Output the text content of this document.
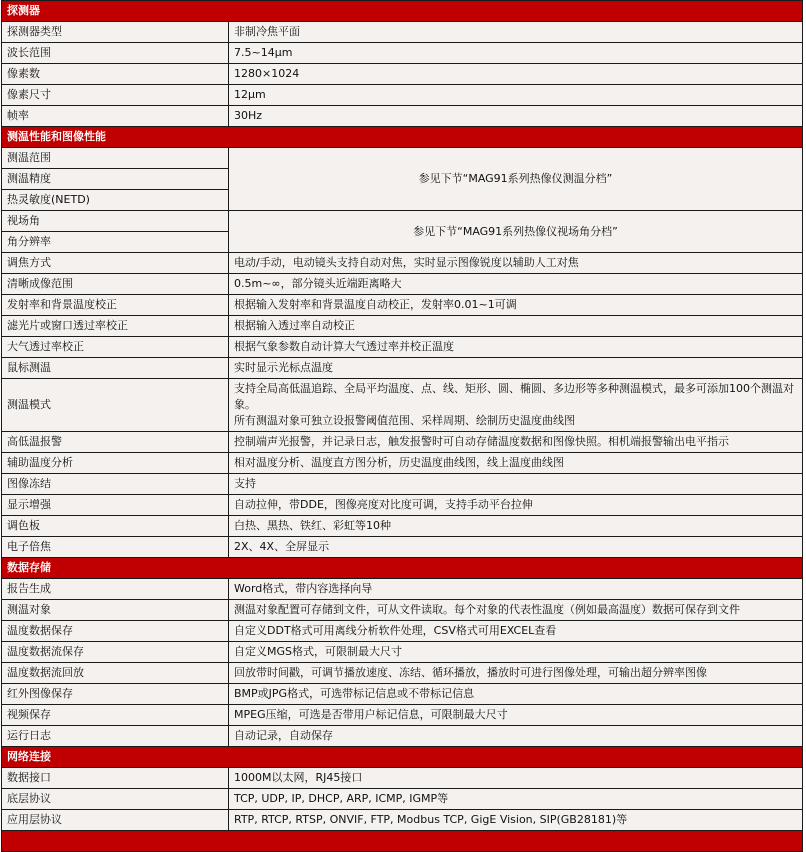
探测器	
探测器类型	非制冷焦平面
波长范围	7.5~14μm
像素数	1280×1024
像素尺寸	12μm
帧率	30Hz
测温性能和图像性能	
测温范围	参见下节“MAG91系列热像仪测温分档”
测温精度	
热灵敏度(NETD)	
视场角	参见下节“MAG91系列热像仪视场角分档”
角分辨率	
调焦方式	电动/手动，电动镜头支持自动对焦，实时显示图像锐度以辅助人工对焦
清晰成像范围	0.5m~∞，部分镜头近端距离略大
发射率和背景温度校正	根据输入发射率和背景温度自动校正，发射率0.01~1可调
滤光片或窗口透过率校正	根据输入透过率自动校正
大气透过率校正	根据气象参数自动计算大气透过率并校正温度
鼠标测温	实时显示光标点温度
测温模式	支持全局高低温追踪、全局平均温度、点、线、矩形、圆、椭圆、多边形等多种测温模式，最多可添加100个测温对象。
所有测温对象可独立设报警阈值范围、采样周期、绘制历史温度曲线图

高低温报警	控制端声光报警，并记录日志，触发报警时可自动存储温度数据和图像快照。相机端报警输出电平指示
辅助温度分析	相对温度分析、温度直方图分析，历史温度曲线图，线上温度曲线图
图像冻结	支持
显示增强	自动拉伸，带DDE，图像亮度对比度可调，支持手动平台拉伸
调色板	白热、黑热、铁红、彩虹等10种
电子倍焦	2X、4X、全屏显示
数据存储	
报告生成	Word格式，带内容选择向导
测温对象	测温对象配置可存储到文件，可从文件读取。每个对象的代表性温度（例如最高温度）数据可保存到文件
温度数据保存	自定义DDT格式可用离线分析软件处理，CSV格式可用EXCEL查看
温度数据流保存	自定义MGS格式，可限制最大尺寸
温度数据流回放	回放带时间戳，可调节播放速度、冻结、循环播放，播放时可进行图像处理，可输出超分辨率图像
红外图像保存	BMP或JPG格式，可选带标记信息或不带标记信息
视频保存	MPEG压缩，可选是否带用户标记信息，可限制最大尺寸
运行日志	自动记录，自动保存
网络连接	
数据接口	1000M以太网，RJ45接口
底层协议	TCP, UDP, IP, DHCP, ARP, ICMP, IGMP等
应用层协议	RTP, RTCP, RTSP, ONVIF, FTP, Modbus TCP, GigE Vision, SIP(GB28181)等
